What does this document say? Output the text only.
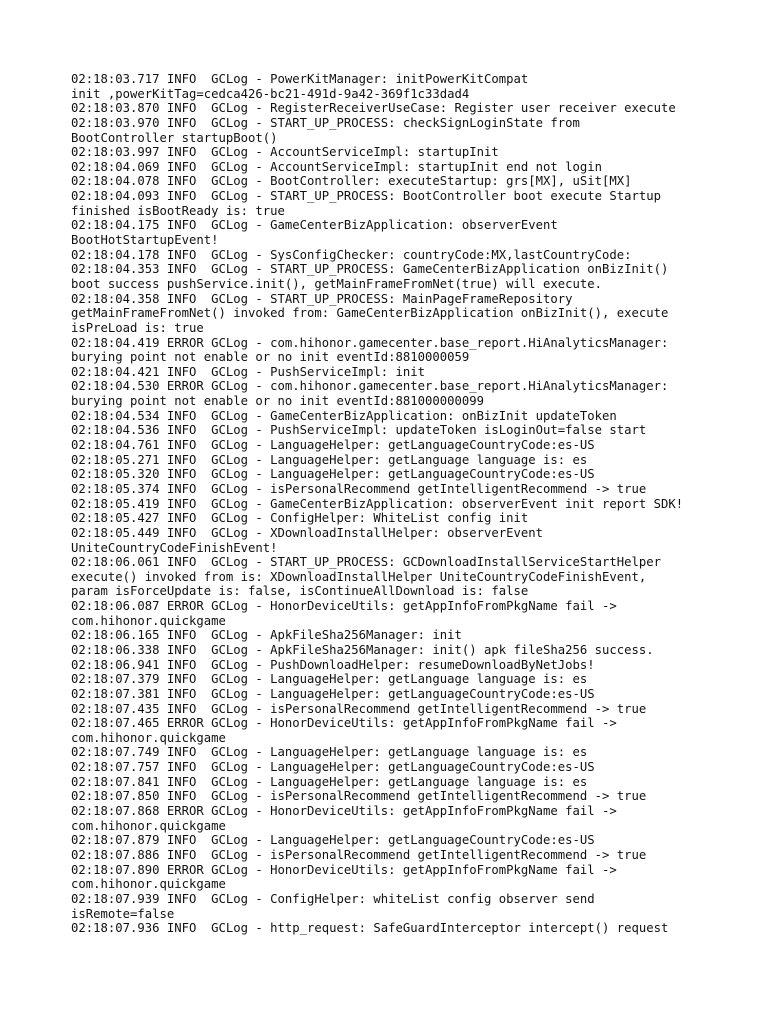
02:18:03.717 INFO  GCLog - PowerKitManager: initPowerKitCompat
init ,powerKitTag=cedca426-bc21-491d-9a42-369f1c33dad4
02:18:03.870 INFO  GCLog - RegisterReceiverUseCase: Register user receiver execute
02:18:03.970 INFO  GCLog - START_UP_PROCESS: checkSignLoginState from
BootController startupBoot()
02:18:03.997 INFO  GCLog - AccountServiceImpl: startupInit
02:18:04.069 INFO  GCLog - AccountServiceImpl: startupInit end not login
02:18:04.078 INFO  GCLog - BootController: executeStartup: grs[MX], uSit[MX]
02:18:04.093 INFO  GCLog - START_UP_PROCESS: BootController boot execute Startup
finished isBootReady is: true
02:18:04.175 INFO  GCLog - GameCenterBizApplication: observerEvent
BootHotStartupEvent!
02:18:04.178 INFO  GCLog - SysConfigChecker: countryCode:MX,lastCountryCode:
02:18:04.353 INFO  GCLog - START_UP_PROCESS: GameCenterBizApplication onBizInit()
boot success pushService.init(), getMainFrameFromNet(true) will execute.
02:18:04.358 INFO  GCLog - START_UP_PROCESS: MainPageFrameRepository
getMainFrameFromNet() invoked from: GameCenterBizApplication onBizInit(), execute
isPreLoad is: true
02:18:04.419 ERROR GCLog - com.hihonor.gamecenter.base_report.HiAnalyticsManager:
burying point not enable or no init eventId:8810000059
02:18:04.421 INFO  GCLog - PushServiceImpl: init
02:18:04.530 ERROR GCLog - com.hihonor.gamecenter.base_report.HiAnalyticsManager:
burying point not enable or no init eventId:881000000099
02:18:04.534 INFO  GCLog - GameCenterBizApplication: onBizInit updateToken
02:18:04.536 INFO  GCLog - PushServiceImpl: updateToken isLoginOut=false start
02:18:04.761 INFO  GCLog - LanguageHelper: getLanguageCountryCode:es-US
02:18:05.271 INFO  GCLog - LanguageHelper: getLanguage language is: es
02:18:05.320 INFO  GCLog - LanguageHelper: getLanguageCountryCode:es-US
02:18:05.374 INFO  GCLog - isPersonalRecommend getIntelligentRecommend -> true
02:18:05.419 INFO  GCLog - GameCenterBizApplication: observerEvent init report SDK!
02:18:05.427 INFO  GCLog - ConfigHelper: WhiteList config init
02:18:05.449 INFO  GCLog - XDownloadInstallHelper: observerEvent
UniteCountryCodeFinishEvent!
02:18:06.061 INFO  GCLog - START_UP_PROCESS: GCDownloadInstallServiceStartHelper
execute() invoked from is: XDownloadInstallHelper UniteCountryCodeFinishEvent,
param isForceUpdate is: false, isContinueAllDownload is: false
02:18:06.087 ERROR GCLog - HonorDeviceUtils: getAppInfoFromPkgName fail ->
com.hihonor.quickgame
02:18:06.165 INFO  GCLog - ApkFileSha256Manager: init
02:18:06.338 INFO  GCLog - ApkFileSha256Manager: init() apk fileSha256 success.
02:18:06.941 INFO  GCLog - PushDownloadHelper: resumeDownloadByNetJobs!
02:18:07.379 INFO  GCLog - LanguageHelper: getLanguage language is: es
02:18:07.381 INFO  GCLog - LanguageHelper: getLanguageCountryCode:es-US
02:18:07.435 INFO  GCLog - isPersonalRecommend getIntelligentRecommend -> true
02:18:07.465 ERROR GCLog - HonorDeviceUtils: getAppInfoFromPkgName fail ->
com.hihonor.quickgame
02:18:07.749 INFO  GCLog - LanguageHelper: getLanguage language is: es
02:18:07.757 INFO  GCLog - LanguageHelper: getLanguageCountryCode:es-US
02:18:07.841 INFO  GCLog - LanguageHelper: getLanguage language is: es
02:18:07.850 INFO  GCLog - isPersonalRecommend getIntelligentRecommend -> true
02:18:07.868 ERROR GCLog - HonorDeviceUtils: getAppInfoFromPkgName fail ->
com.hihonor.quickgame
02:18:07.879 INFO  GCLog - LanguageHelper: getLanguageCountryCode:es-US
02:18:07.886 INFO  GCLog - isPersonalRecommend getIntelligentRecommend -> true
02:18:07.890 ERROR GCLog - HonorDeviceUtils: getAppInfoFromPkgName fail ->
com.hihonor.quickgame
02:18:07.939 INFO  GCLog - ConfigHelper: whiteList config observer send
isRemote=false
02:18:07.936 INFO  GCLog - http_request: SafeGuardInterceptor intercept() request
